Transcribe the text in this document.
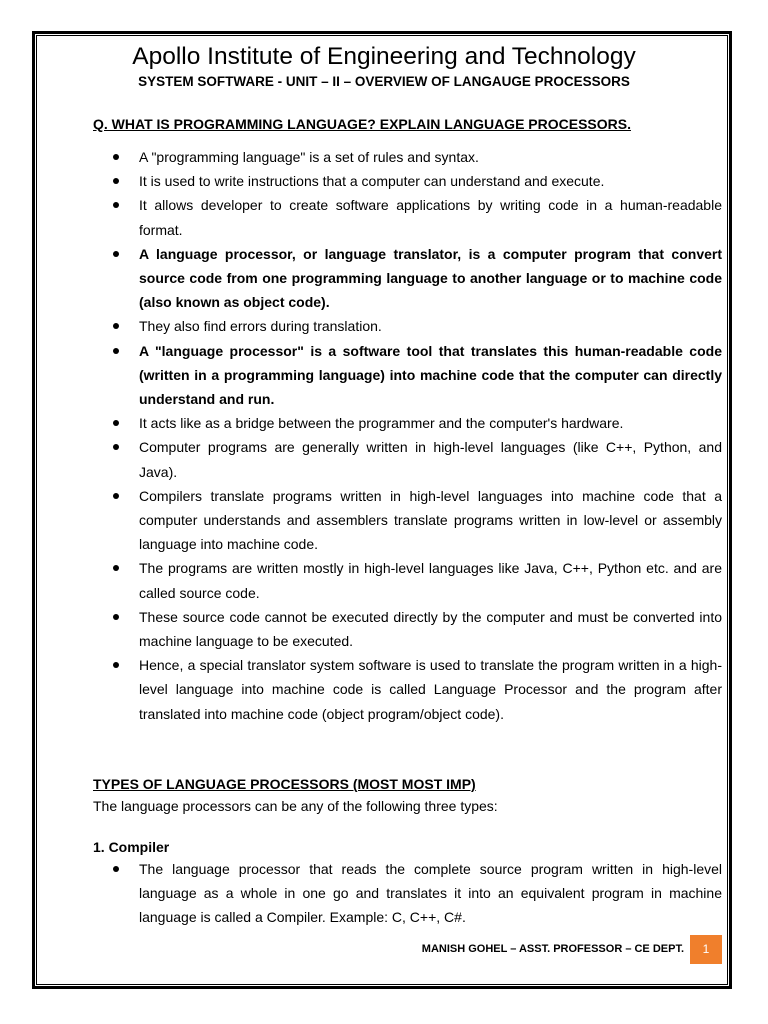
Apollo Institute of Engineering and Technology
SYSTEM SOFTWARE - UNIT – II – OVERVIEW OF LANGAUGE PROCESSORS
Q. WHAT IS PROGRAMMING LANGUAGE? EXPLAIN LANGUAGE PROCESSORS.
A "programming language" is a set of rules and syntax.
It is used to write instructions that a computer can understand and execute.
It allows developer to create software applications by writing code in a human-readable format.
A language processor, or language translator, is a computer program that convert source code from one programming language to another language or to machine code (also known as object code).
They also find errors during translation.
A "language processor" is a software tool that translates this human-readable code (written in a programming language) into machine code that the computer can directly understand and run.
It acts like as a bridge between the programmer and the computer's hardware.
Computer programs are generally written in high-level languages (like C++, Python, and Java).
Compilers translate programs written in high-level languages into machine code that a computer understands and assemblers translate programs written in low-level or assembly language into machine code.
The programs are written mostly in high-level languages like Java, C++, Python etc. and are called source code.
These source code cannot be executed directly by the computer and must be converted into machine language to be executed.
Hence, a special translator system software is used to translate the program written in a high-level language into machine code is called Language Processor and the program after translated into machine code (object program/object code).
TYPES OF LANGUAGE PROCESSORS (MOST MOST IMP)
The language processors can be any of the following three types:
1. Compiler
The language processor that reads the complete source program written in high-level language as a whole in one go and translates it into an equivalent program in machine language is called a Compiler. Example: C, C++, C#.
MANISH GOHEL – ASST. PROFESSOR – CE DEPT.	1
